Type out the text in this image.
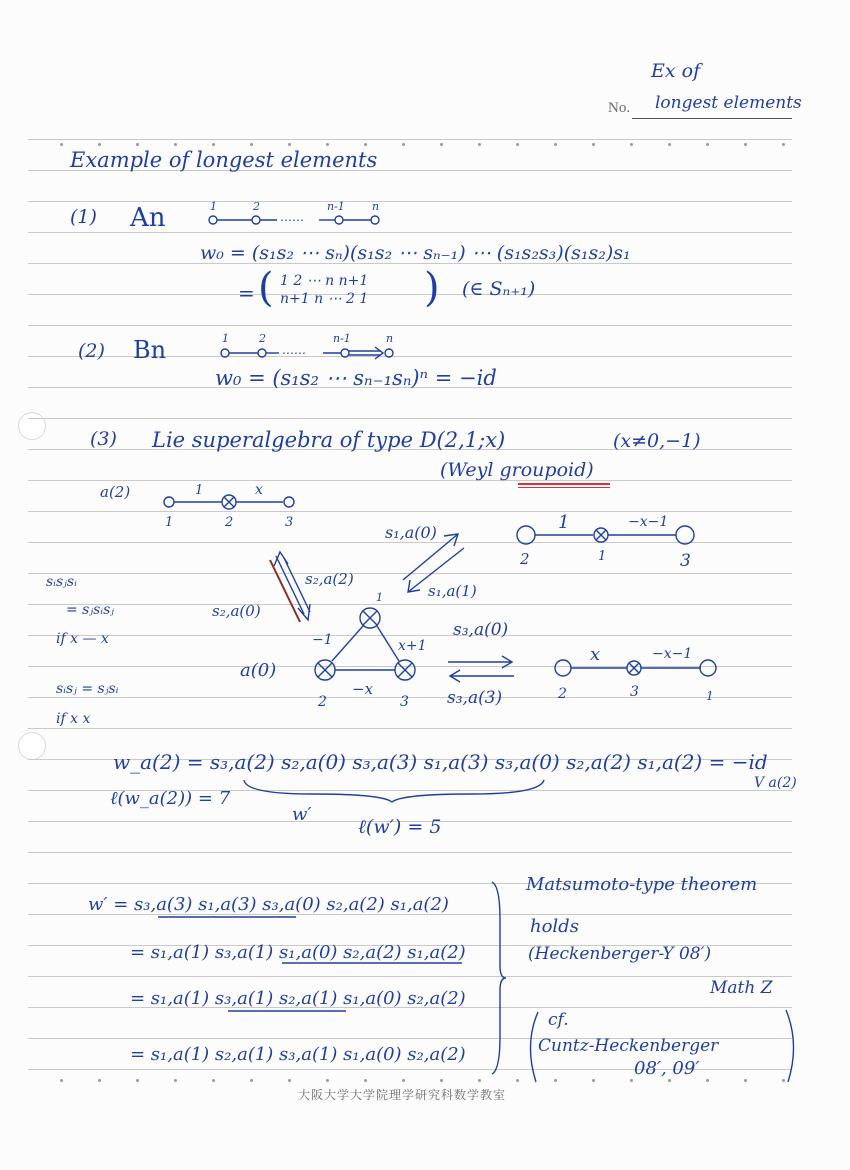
Ex of
No. longest elements
Example of longest elements
(1) An	⋯⋯
1	2	n-1 n
w₀ = (s₁s₂ ⋯ sₙ)(s₁s₂ ⋯ sₙ₋₁) ⋯ (s₁s₂s₃)(s₁s₂)s₁
= ( 1 2 ⋯ n n+1
n+1 n ⋯ 2 1 ) (∈ Sₙ₊₁)
(2) Bn	⋯⋯
1	2	n-1	n
w₀ = (s₁s₂ ⋯ sₙ₋₁sₙ)ⁿ = −id
(3) Lie superalgebra of type D(2,1;x)	(x≠0,−1)
(Weyl groupoid)
a(2)	1	x
1	2	3	1	−x−1
2	1	3
s₁,a(0)
s₁,a(1)
s₂,a(2)
s₂,a(0)
sᵢsⱼsᵢ
= sⱼsᵢsⱼ
if x — x
sᵢsⱼ = sⱼsᵢ
if x x
a(0)
1
2	3
−1	x+1
−x
s₃,a(0)
s₃,a(3)
x	−x−1
2	3	1
w_a(2) = s₃,a(2) s₂,a(0) s₃,a(3) s₁,a(3) s₃,a(0) s₂,a(2) s₁,a(2) = −id
V a(2)
ℓ(w_a(2)) = 7
w′
ℓ(w′) = 5
w′ = s₃,a(3) s₁,a(3) s₃,a(0) s₂,a(2) s₁,a(2)
= s₁,a(1) s₃,a(1) s₁,a(0) s₂,a(2) s₁,a(2)
= s₁,a(1) s₃,a(1) s₂,a(1) s₁,a(0) s₂,a(2)
= s₁,a(1) s₂,a(1) s₃,a(1) s₁,a(0) s₂,a(2)
Matsumoto-type theorem
holds
(Heckenberger-Y 08′)
Math Z
cf.
Cuntz-Heckenberger
08′, 09′
大阪大学大学院理学研究科数学教室
